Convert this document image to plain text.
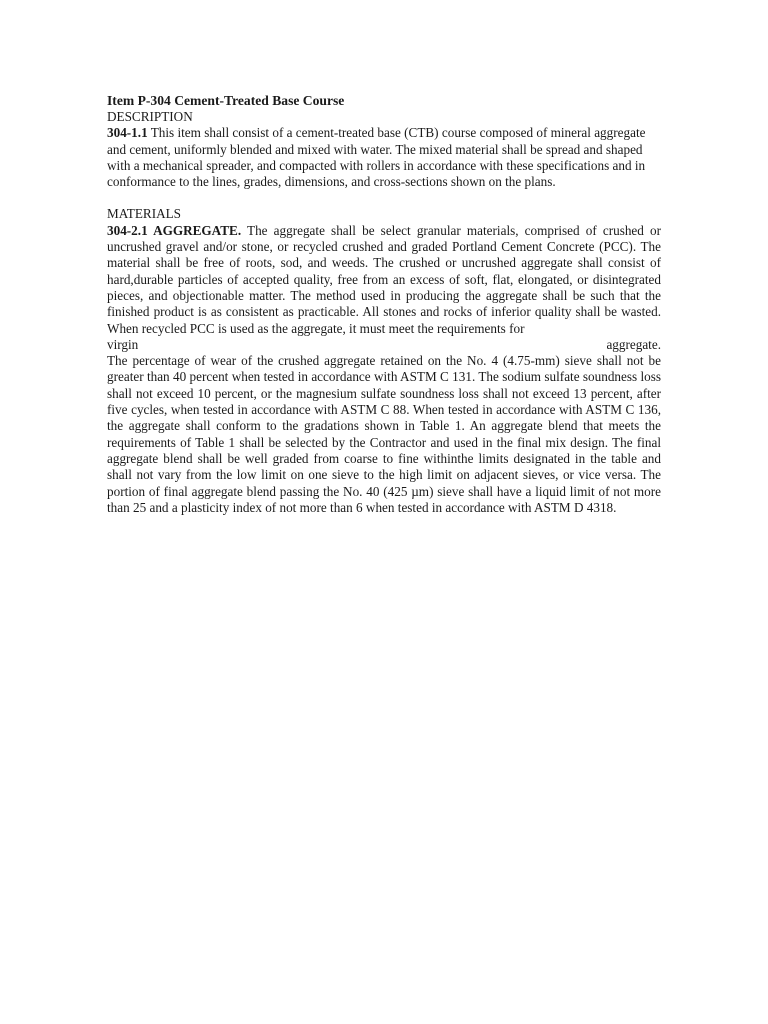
Item P-304 Cement-Treated Base Course

DESCRIPTION

304-1.1 This item shall consist of a cement-treated base (CTB) course composed of mineral aggregate and cement, uniformly blended and mixed with water. The mixed material shall be spread and shaped with a mechanical spreader, and compacted with rollers in accordance with these specifications and in conformance to the lines, grades, dimensions, and cross-sections shown on the plans.

MATERIALS

304-2.1 AGGREGATE. The aggregate shall be select granular materials, comprised of crushed or uncrushed gravel and/or stone, or recycled crushed and graded Portland Cement Concrete (PCC). The material shall be free of roots, sod, and weeds. The crushed or uncrushed aggregate shall consist of hard,durable particles of accepted quality, free from an excess of soft, flat, elongated, or disintegrated pieces, and objectionable matter. The method used in producing the aggregate shall be such that the finished product is as consistent as practicable. All stones and rocks of inferior quality shall be wasted. When recycled PCC is used as the aggregate, it must meet the requirements for

virgin	aggregate.

The percentage of wear of the crushed aggregate retained on the No. 4 (4.75-mm) sieve shall not be greater than 40 percent when tested in accordance with ASTM C 131. The sodium sulfate soundness loss shall not exceed 10 percent, or the magnesium sulfate soundness loss shall not exceed 13 percent, after five cycles, when tested in accordance with ASTM C 88. When tested in accordance with ASTM C 136, the aggregate shall conform to the gradations shown in Table 1. An aggregate blend that meets the requirements of Table 1 shall be selected by the Contractor and used in the final mix design. The final aggregate blend shall be well graded from coarse to fine withinthe limits designated in the table and shall not vary from the low limit on one sieve to the high limit on adjacent sieves, or vice versa. The portion of final aggregate blend passing the No. 40 (425 µm) sieve shall have a liquid limit of not more than 25 and a plasticity index of not more than 6 when tested in accordance with ASTM D 4318.
